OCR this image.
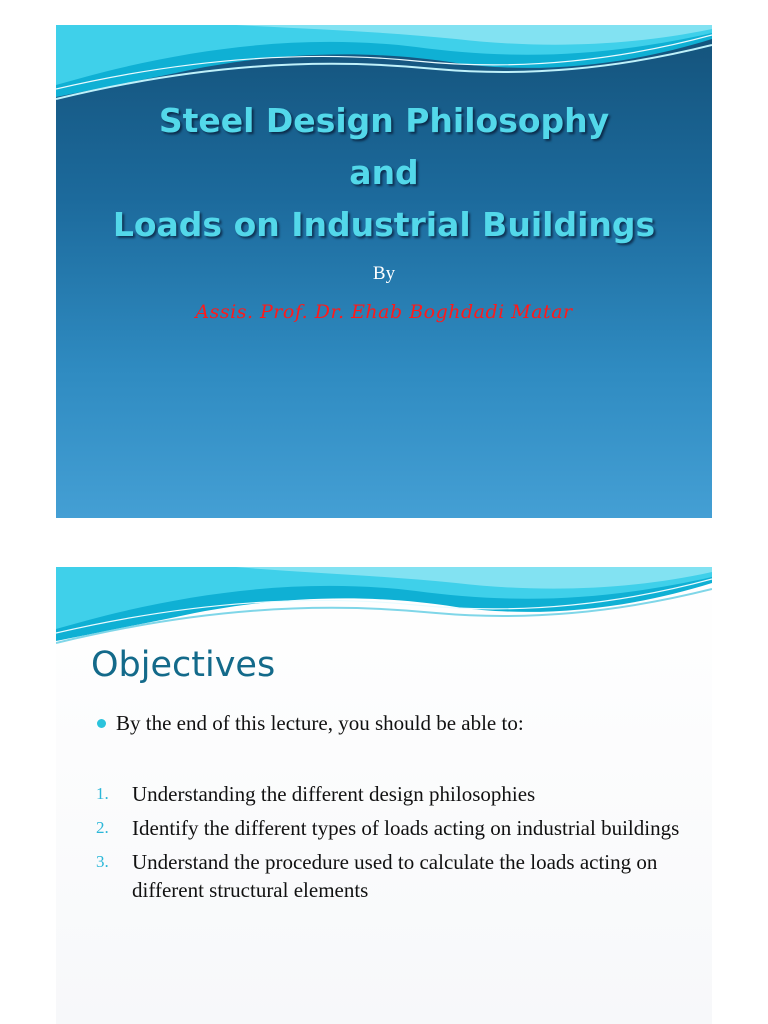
Steel Design Philosophy
and
Loads on Industrial Buildings
By
Assis. Prof. Dr. Ehab Boghdadi Matar
Objectives
By the end of this lecture, you should be able to:
1.	Understanding the different design philosophies
2.	Identify the different types of loads acting on industrial buildings
3.	Understand the procedure used to calculate the loads acting on different structural elements
